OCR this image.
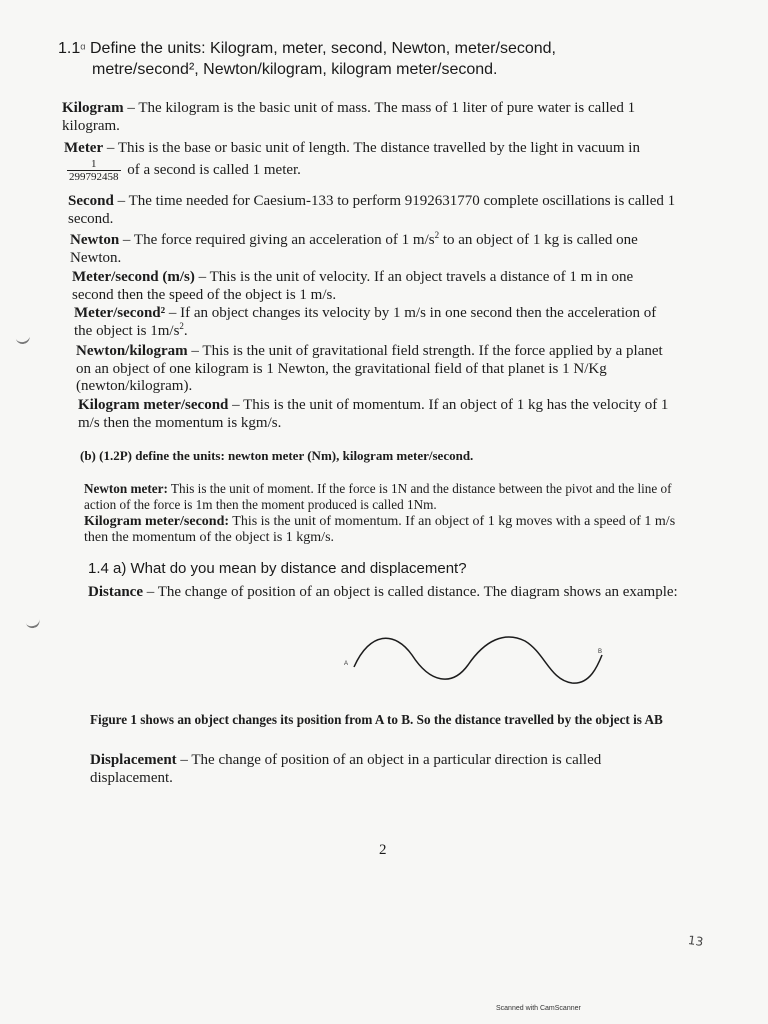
1.1ᵅ Define the units: Kilogram, meter, second, Newton, meter/second,
metre/second², Newton/kilogram, kilogram meter/second.
Kilogram – The kilogram is the basic unit of mass. The mass of 1 liter of pure water is called 1 kilogram.
Meter – This is the base or basic unit of length. The distance travelled by the light in vacuum in
$\frac{1}{299792458}$ of a second is called 1 meter.
Second – The time needed for Caesium-133 to perform 9192631770 complete oscillations is called 1 second.
Newton – The force required giving an acceleration of 1 $m/s^2$ to an object of 1 kg is called one Newton.
Meter/second (m/s) – This is the unit of velocity. If an object travels a distance of 1 m in one second then the speed of the object is 1 m/s.
Meter/second² – If an object changes its velocity by 1 m/s in one second then the acceleration of the object is $1m/s^2$.
Newton/kilogram – This is the unit of gravitational field strength. If the force applied by a planet on an object of one kilogram is 1 Newton, the gravitational field of that planet is 1 N/Kg (newton/kilogram).
Kilogram meter/second – This is the unit of momentum. If an object of 1 kg has the velocity of 1 m/s then the momentum is kgm/s.
(b) (1.2P) define the units: newton meter (Nm), kilogram meter/second.
Newton meter: This is the unit of moment. If the force is 1N and the distance between the pivot and the line of action of the force is 1m then the moment produced is called 1Nm.
Kilogram meter/second: This is the unit of momentum. If an object of 1 kg moves with a speed of 1 m/s then the momentum of the object is 1 kgm/s.
1.4 a) What do you mean by distance and displacement?
Distance – The change of position of an object is called distance. The diagram shows an example:
A
B
Figure 1 shows an object changes its position from A to B. So the distance travelled by the object is AB
Displacement – The change of position of an object in a particular direction is called displacement.
2
13
Scanned with CamScanner
